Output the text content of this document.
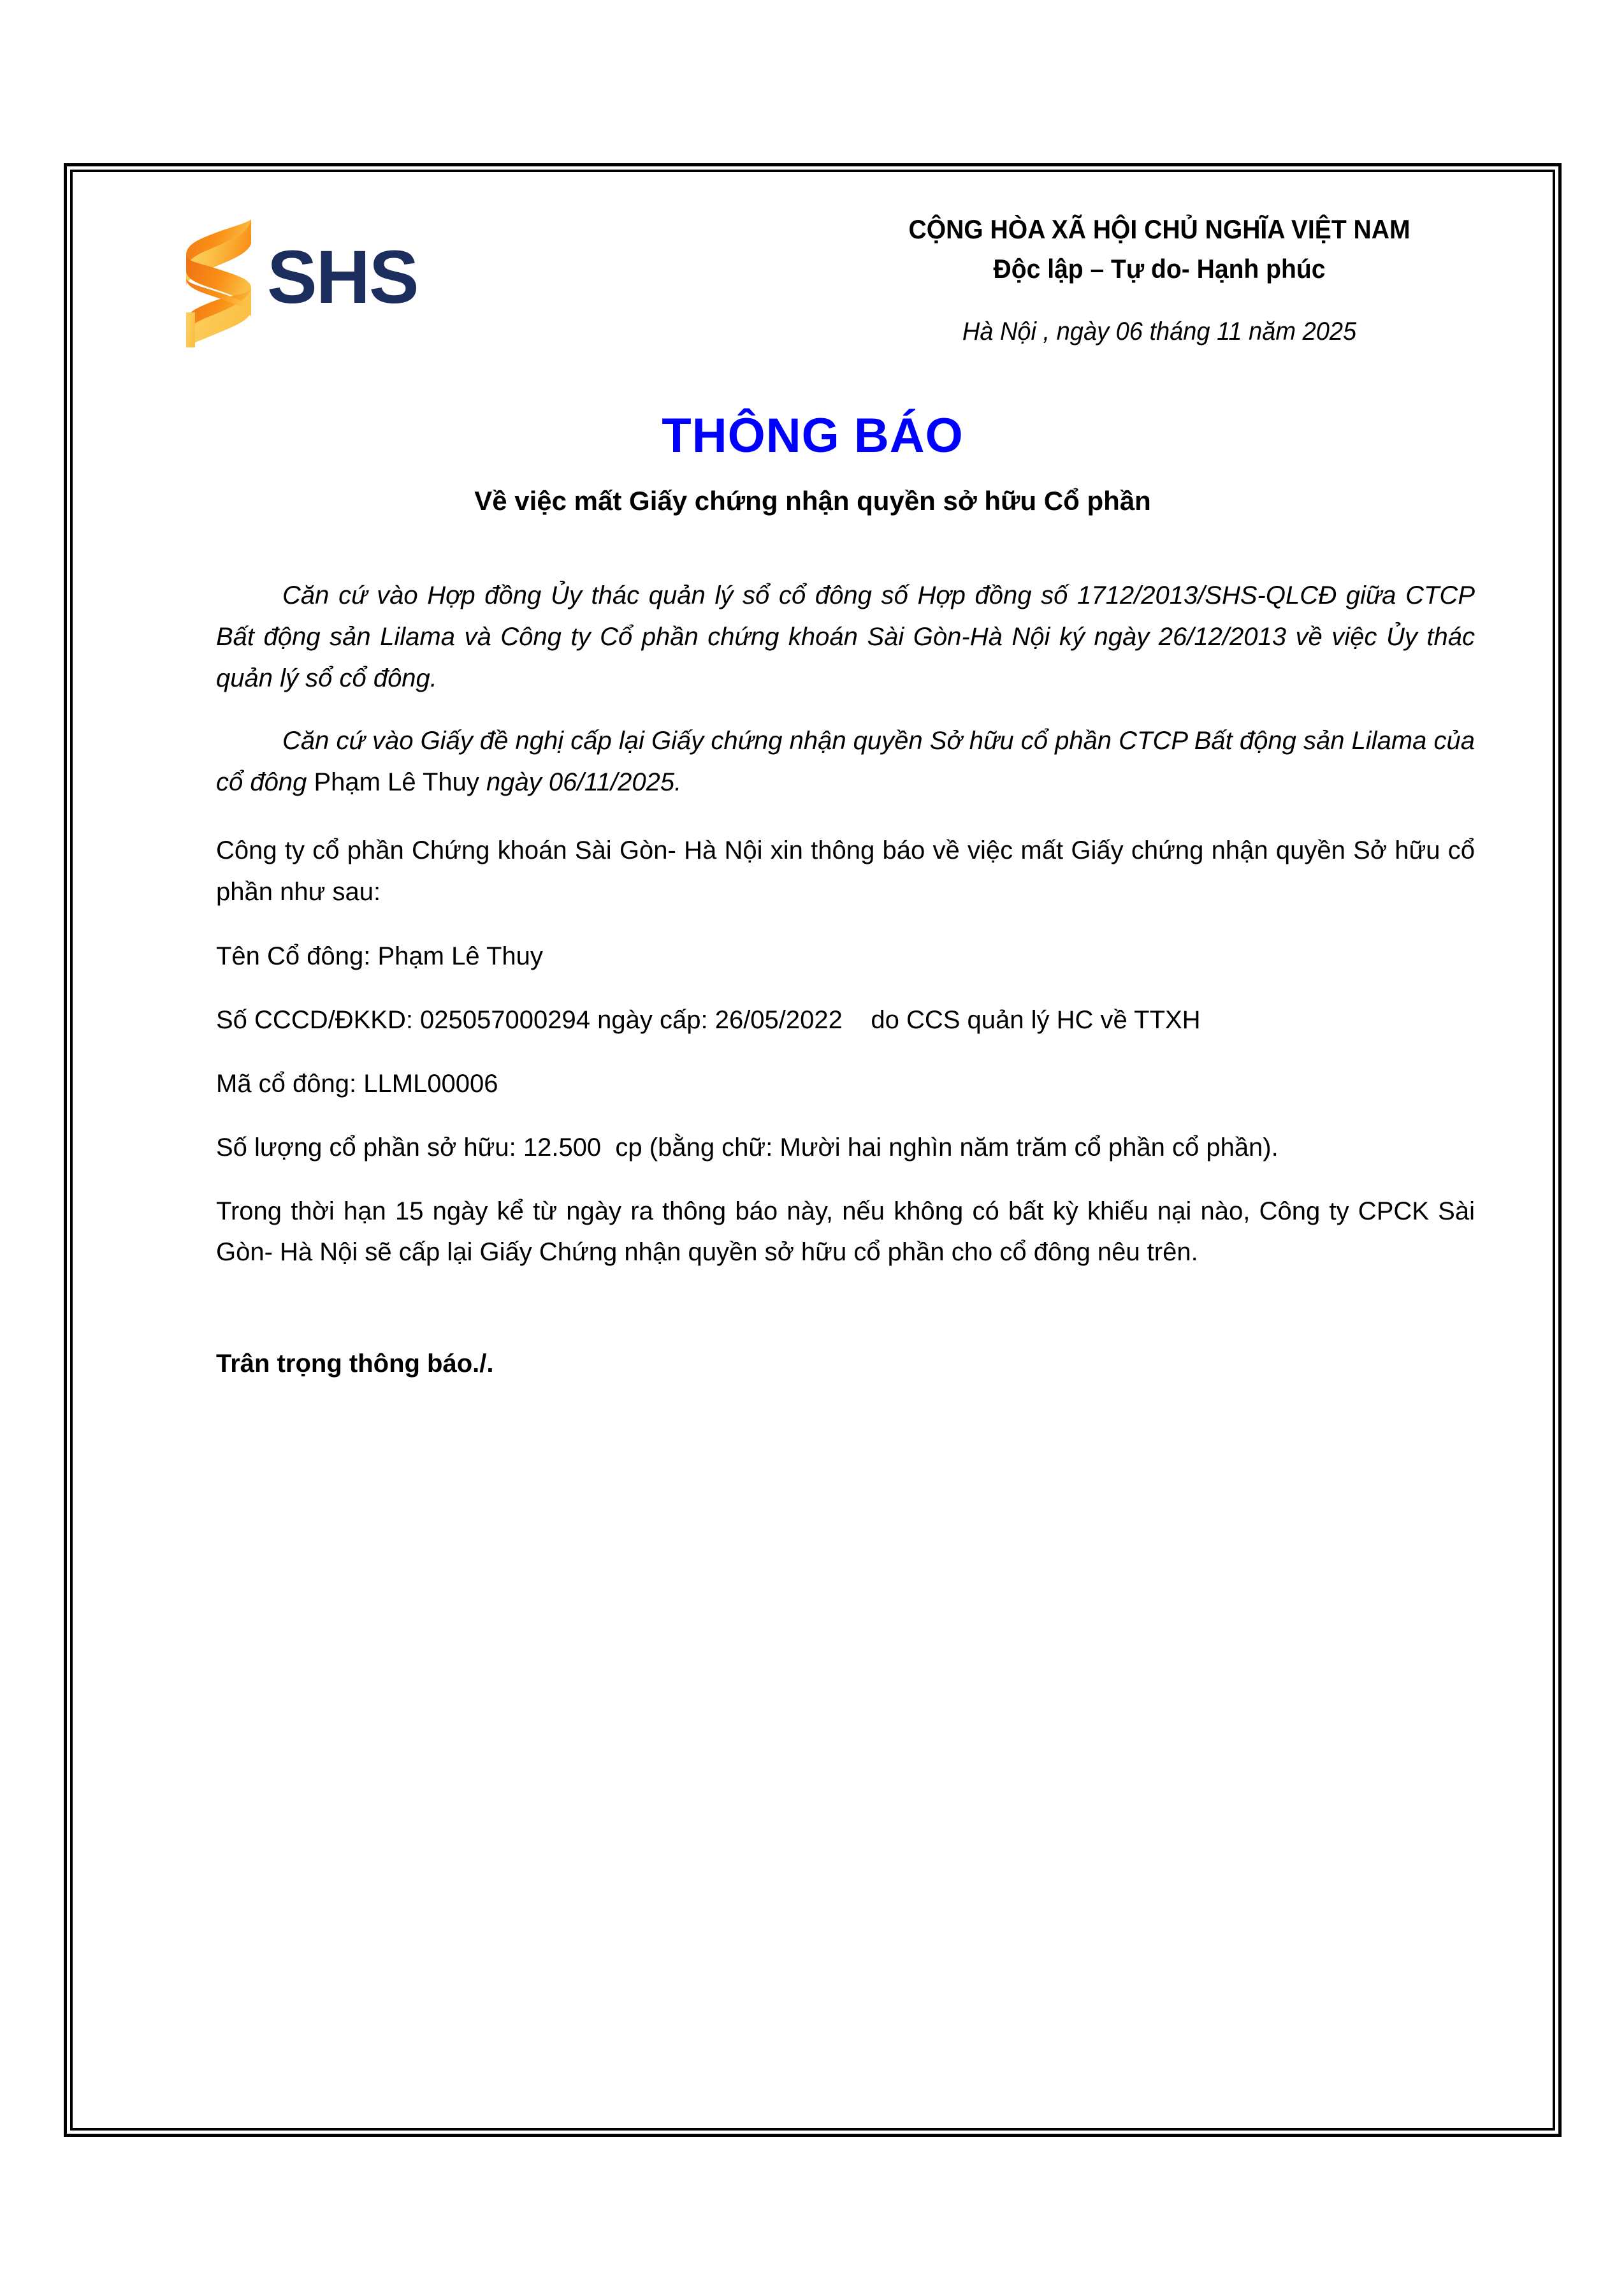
SHS
CỘNG HÒA XÃ HỘI CHỦ NGHĨA VIỆT NAM
Độc lập – Tự do- Hạnh phúc
Hà Nội , ngày 06 tháng 11 năm 2025
THÔNG BÁO
Về việc mất Giấy chứng nhận quyền sở hữu Cổ phần

Căn cứ vào Hợp đồng Ủy thác quản lý sổ cổ đông số Hợp đồng số 1712/2013/SHS-QLCĐ giữa CTCP Bất động sản Lilama và Công ty Cổ phần chứng khoán Sài Gòn-Hà Nội ký ngày 26/12/2013 về việc Ủy thác quản lý sổ cổ đông.

Căn cứ vào Giấy đề nghị cấp lại Giấy chứng nhận quyền Sở hữu cổ phần CTCP Bất động sản Lilama của cổ đông Phạm Lê Thuy ngày 06/11/2025.

Công ty cổ phần Chứng khoán Sài Gòn- Hà Nội xin thông báo về việc mất Giấy chứng nhận quyền Sở hữu cổ phần như sau:

Tên Cổ đông: Phạm Lê Thuy

Số CCCD/ĐKKD: 025057000294 ngày cấp: 26/05/2022    do CCS quản lý HC về TTXH

Mã cổ đông: LLML00006

Số lượng cổ phần sở hữu: 12.500  cp (bằng chữ: Mười hai nghìn năm trăm cổ phần cổ phần).

Trong thời hạn 15 ngày kể từ ngày ra thông báo này, nếu không có bất kỳ khiếu nại nào, Công ty CPCK Sài Gòn- Hà Nội sẽ cấp lại Giấy Chứng nhận quyền sở hữu cổ phần cho cổ đông nêu trên.

Trân trọng thông báo./.
